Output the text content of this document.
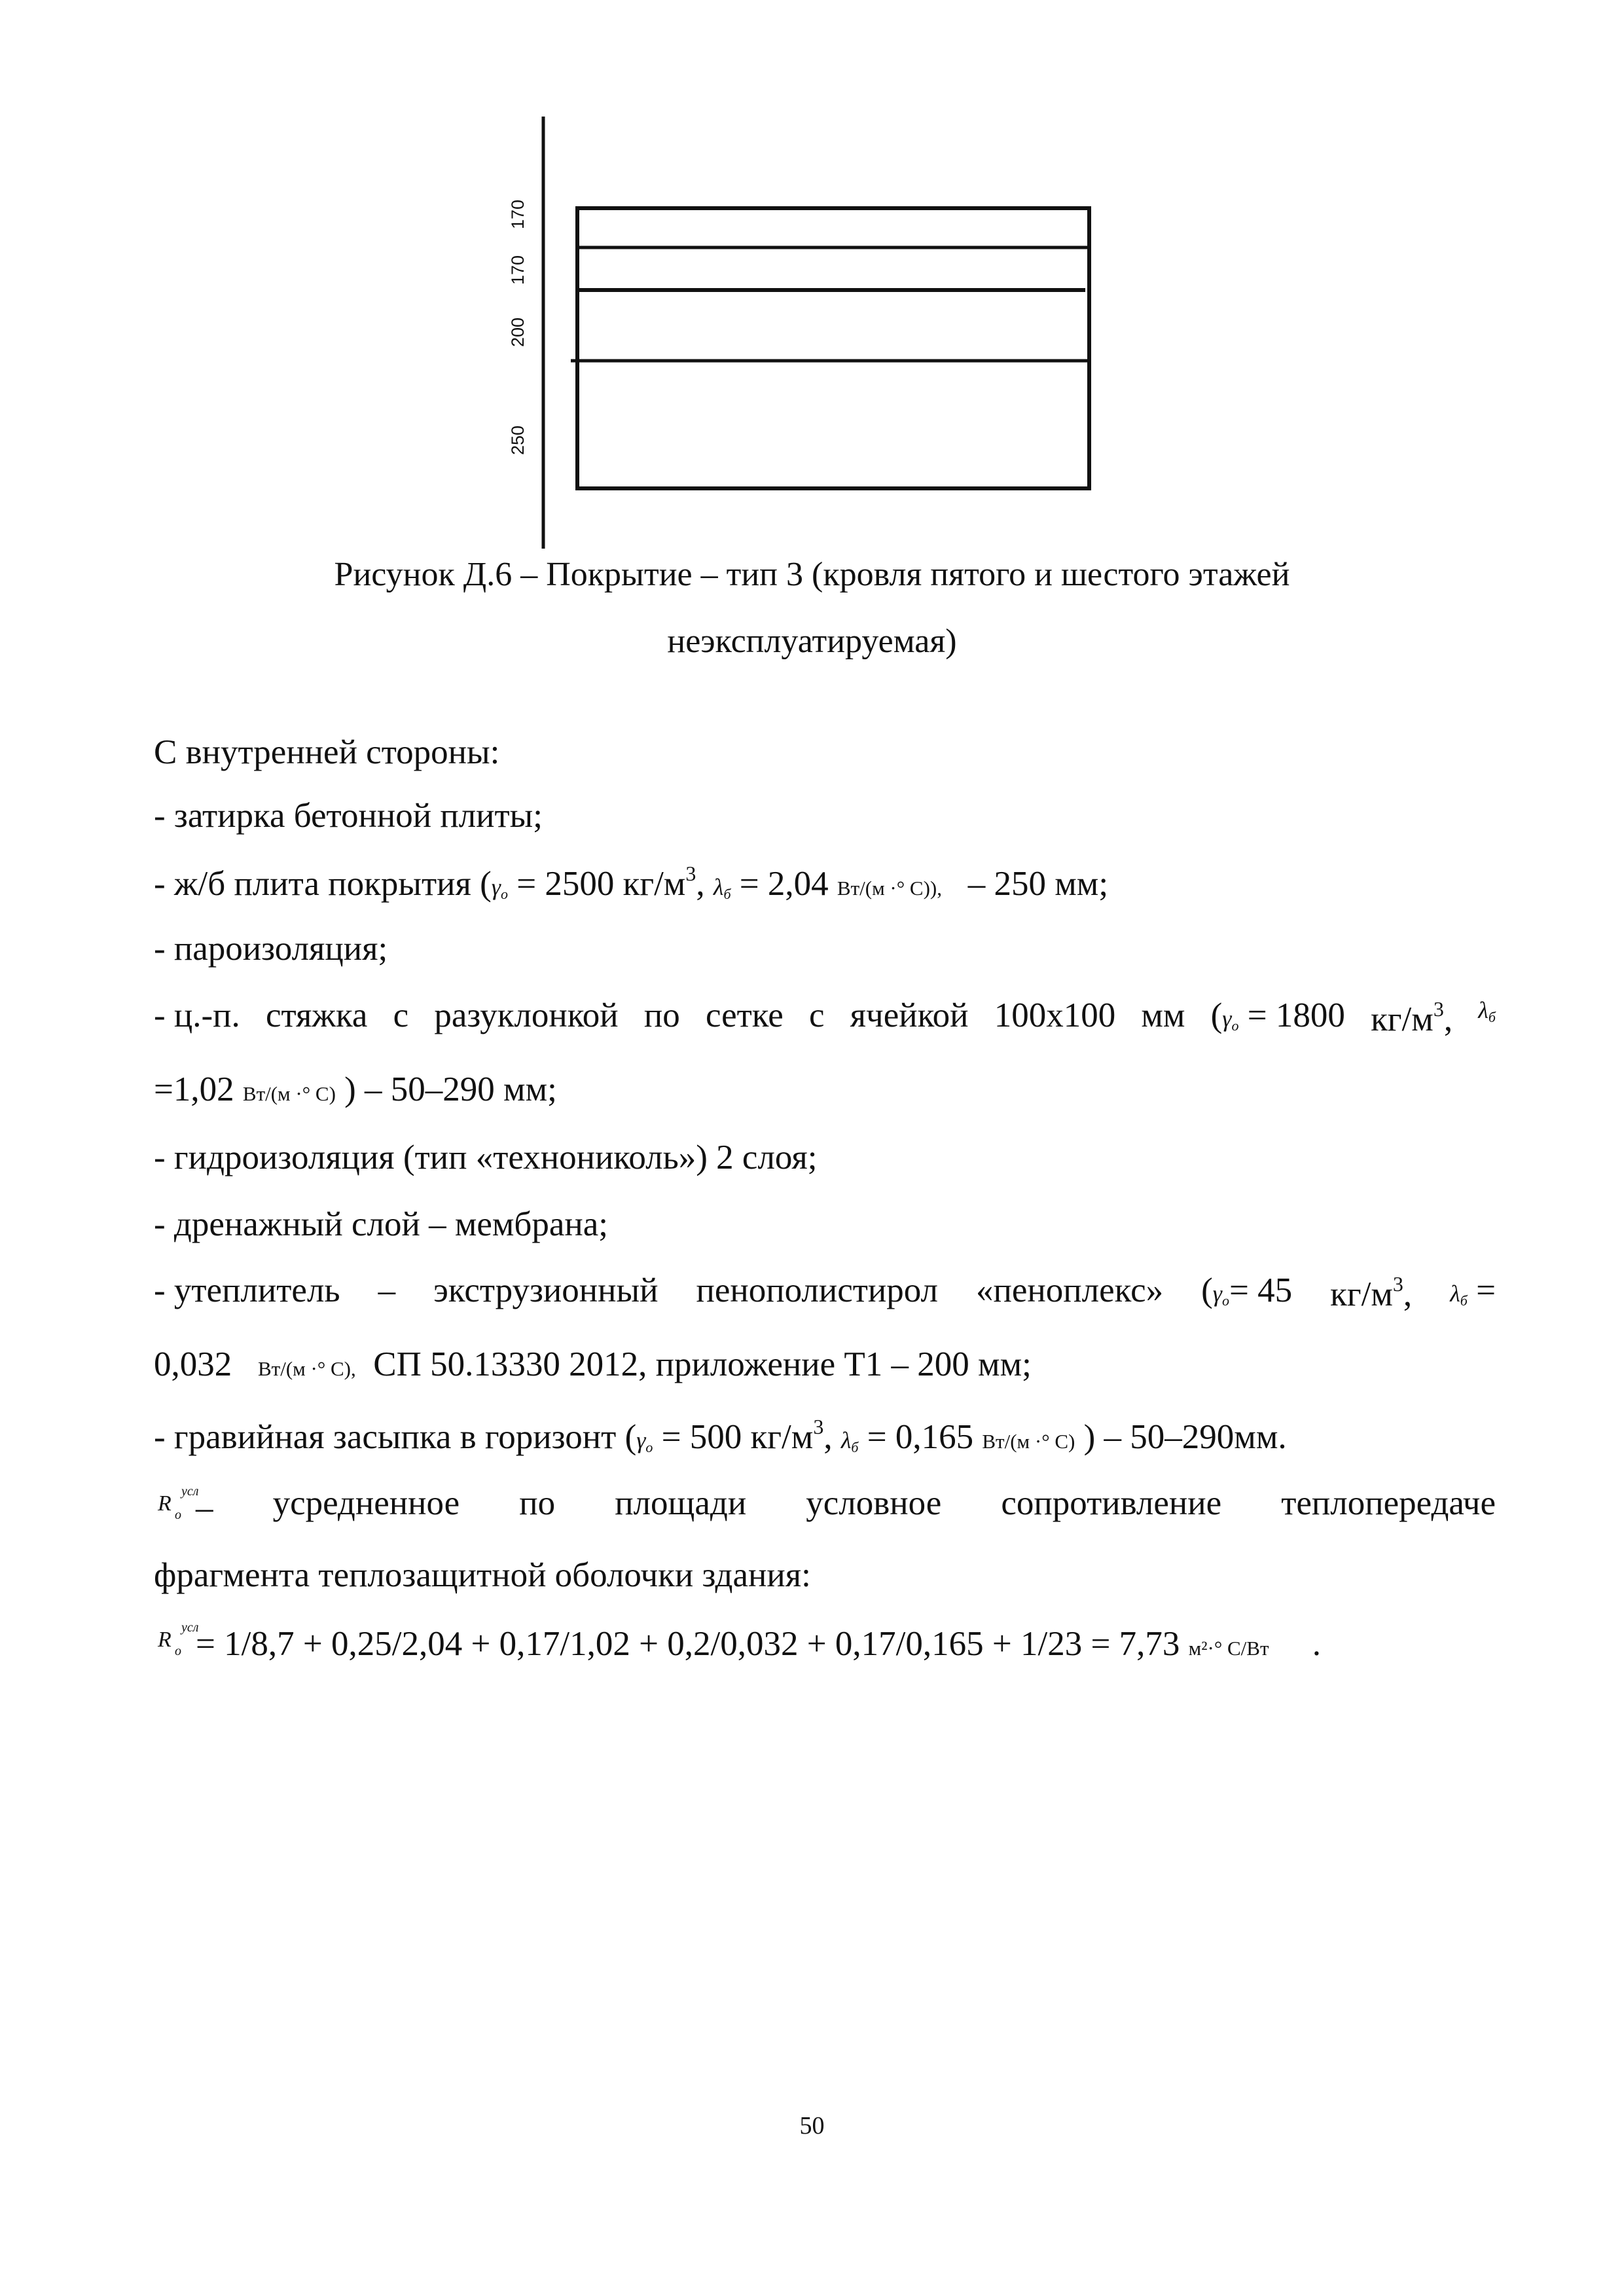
170
170
200
250
Рисунок Д.6 – Покрытие – тип 3 (кровля пятого и шестого этажей
неэксплуатируемая)
С внутренней стороны:
- затирка бетонной плиты;
- ж/б плита покрытия ($\gamma_о = 2500$ $кг/м^3$, $\lambda_б = 2,04$ Вт/(м ·° С)), – 250 мм;
- пароизоляция;
- ц.-п. стяжка с разуклонкой по сетке с ячейкой 100х100 мм ($\gamma_о = 1800$ $кг/м^3$, $\lambda_б$
=1,02 Вт/(м ·° С) ) – 50–290 мм;
- гидроизоляция (тип «технониколь») 2 слоя;
- дренажный слой – мембрана;
- утеплитель – экструзионный пенополистирол «пеноплекс» ($\gamma_о= 45$ $кг/м^3$, $\lambda_б$ =
0,032 Вт/(м ·° С), СП 50.13330 2012, приложение Т1 – 200 мм;
- гравийная засыпка в горизонт ($\gamma_о = 500$ $кг/м^3$, $\lambda_б = 0,165$ Вт/(м ·° С) ) – 50–290мм.
R усл
о – усредненное по площади условное сопротивление теплопередаче
фрагмента теплозащитной оболочки здания:
R усл
о = 1/8,7 + 0,25/2,04 + 0,17/1,02 + 0,2/0,032 + 0,17/0,165 + 1/23 = 7,73 м²·° С/Вт .
50
